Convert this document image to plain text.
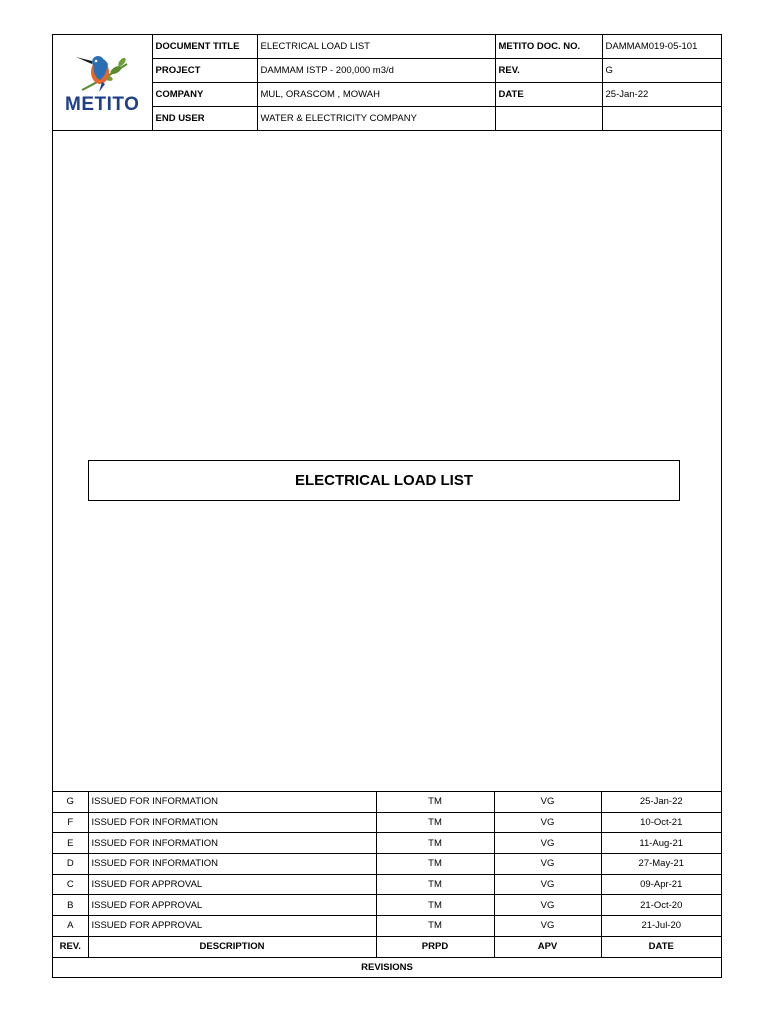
METITO	DOCUMENT TITLE	ELECTRICAL LOAD LIST	METITO DOC. NO.	DAMMAM019-05-101
	PROJECT	DAMMAM ISTP - 200,000 m3/d	REV.	G
	COMPANY	MUL, ORASCOM , MOWAH	DATE	25-Jan-22
	END USER	WATER & ELECTRICITY COMPANY		
ELECTRICAL LOAD LIST
G	ISSUED FOR INFORMATION	TM	VG	25-Jan-22
F	ISSUED FOR INFORMATION	TM	VG	10-Oct-21
E	ISSUED FOR INFORMATION	TM	VG	11-Aug-21
D	ISSUED FOR INFORMATION	TM	VG	27-May-21
C	ISSUED FOR APPROVAL	TM	VG	09-Apr-21
B	ISSUED FOR APPROVAL	TM	VG	21-Oct-20
A	ISSUED FOR APPROVAL	TM	VG	21-Jul-20
REV.	DESCRIPTION	PRPD	APV	DATE
REVISIONS				
